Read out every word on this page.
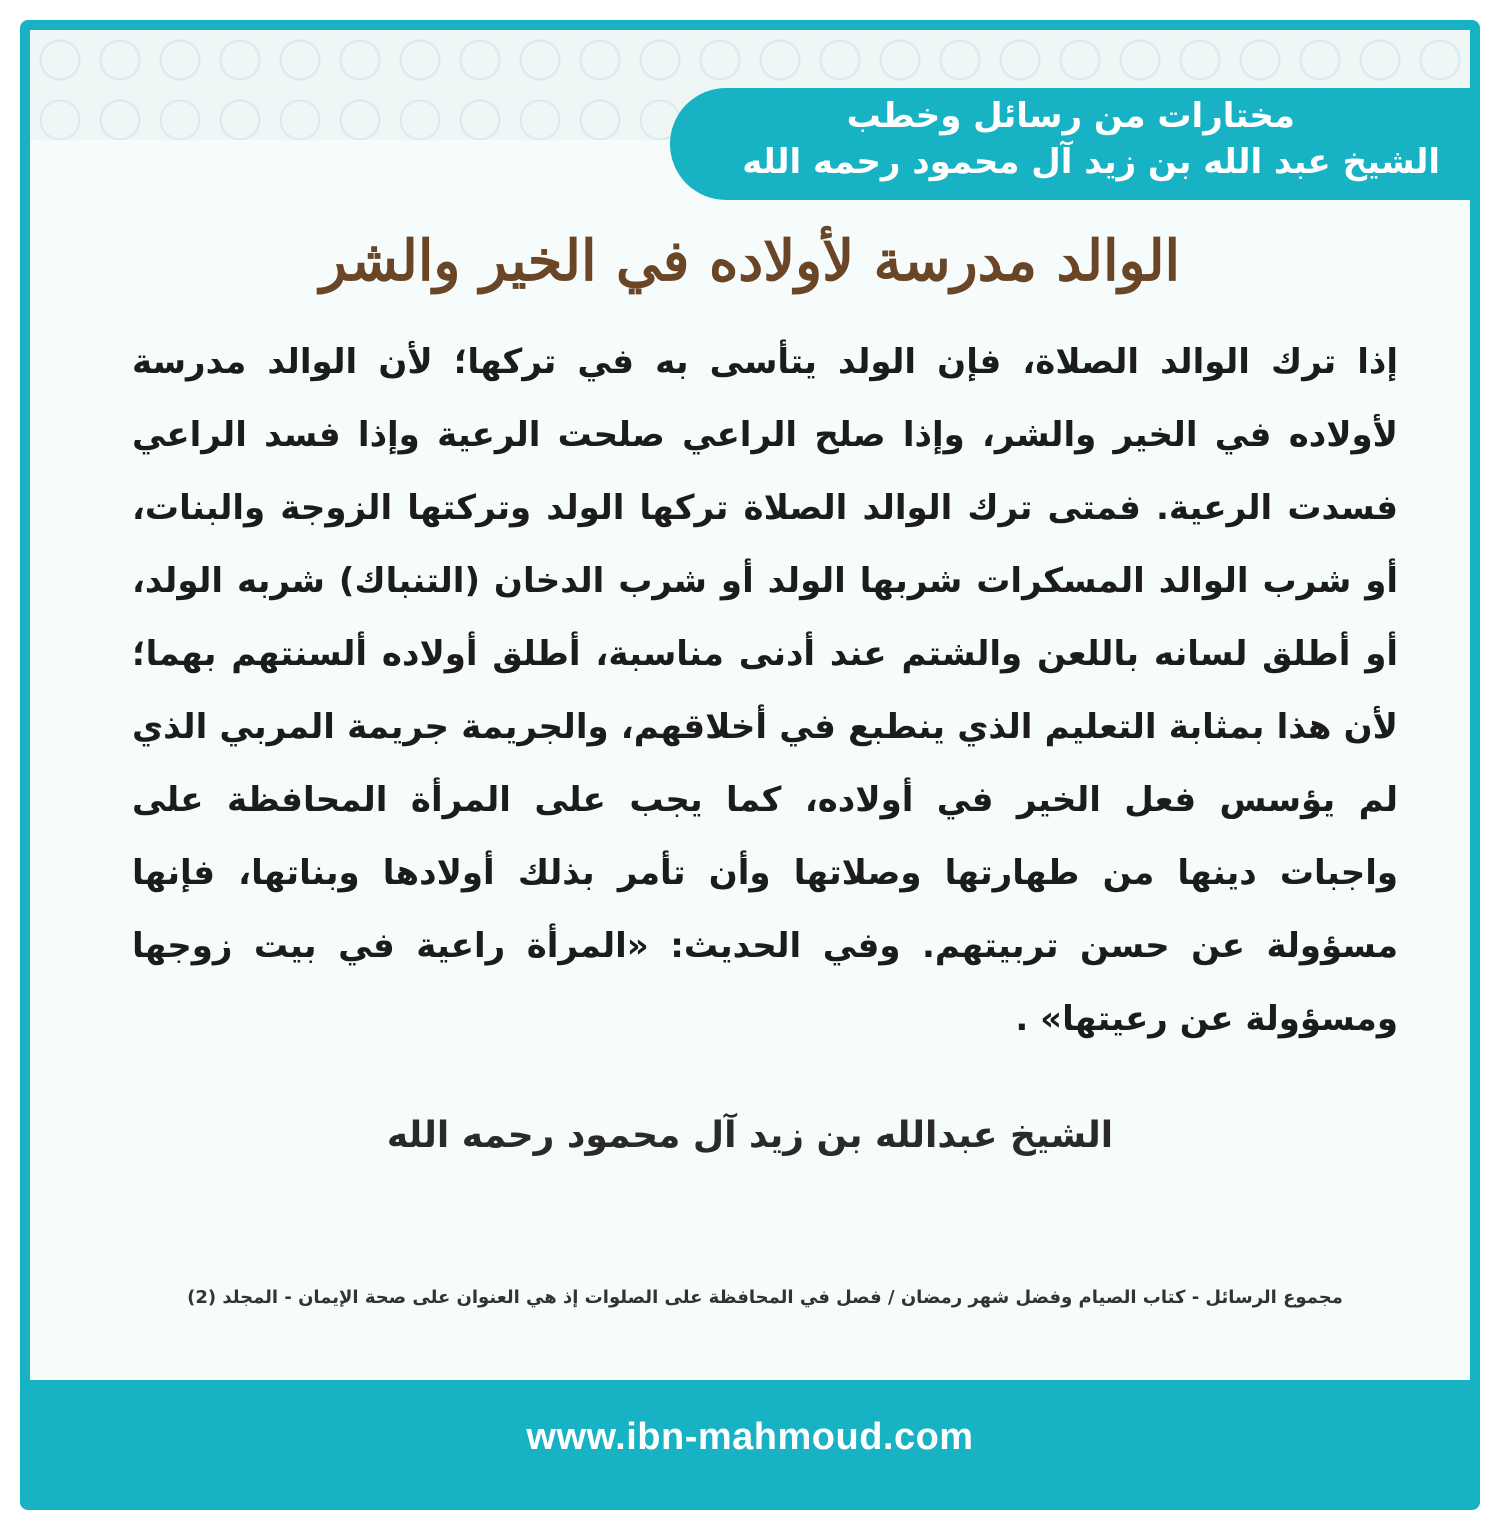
مختارات من رسائل وخطب
الشيخ عبد الله بن زيد آل محمود رحمه الله
الوالد مدرسة لأولاده في الخير والشر
إذا ترك الوالد الصلاة، فإن الولد يتأسى به في تركها؛ لأن الوالد مدرسة لأولاده في الخير والشر، وإذا صلح الراعي صلحت الرعية وإذا فسد الراعي فسدت الرعية. فمتى ترك الوالد الصلاة تركها الولد وتركتها الزوجة والبنات، أو شرب الوالد المسكرات شربها الولد أو شرب الدخان (التنباك) شربه الولد، أو أطلق لسانه باللعن والشتم عند أدنى مناسبة، أطلق أولاده ألسنتهم بهما؛ لأن هذا بمثابة التعليم الذي ينطبع في أخلاقهم، والجريمة جريمة المربي الذي لم يؤسس فعل الخير في أولاده، كما يجب على المرأة المحافظة على واجبات دينها من طهارتها وصلاتها وأن تأمر بذلك أولادها وبناتها، فإنها مسؤولة عن حسن تربيتهم. وفي الحديث: «المرأة راعية في بيت زوجها ومسؤولة عن رعيتها» .
الشيخ عبدالله بن زيد آل محمود رحمه الله
مجموع الرسائل - كتاب الصيام وفضل شهر رمضان / فصل في المحافظة على الصلوات إذ هي العنوان على صحة الإيمان - المجلد (2)
www.ibn-mahmoud.com
